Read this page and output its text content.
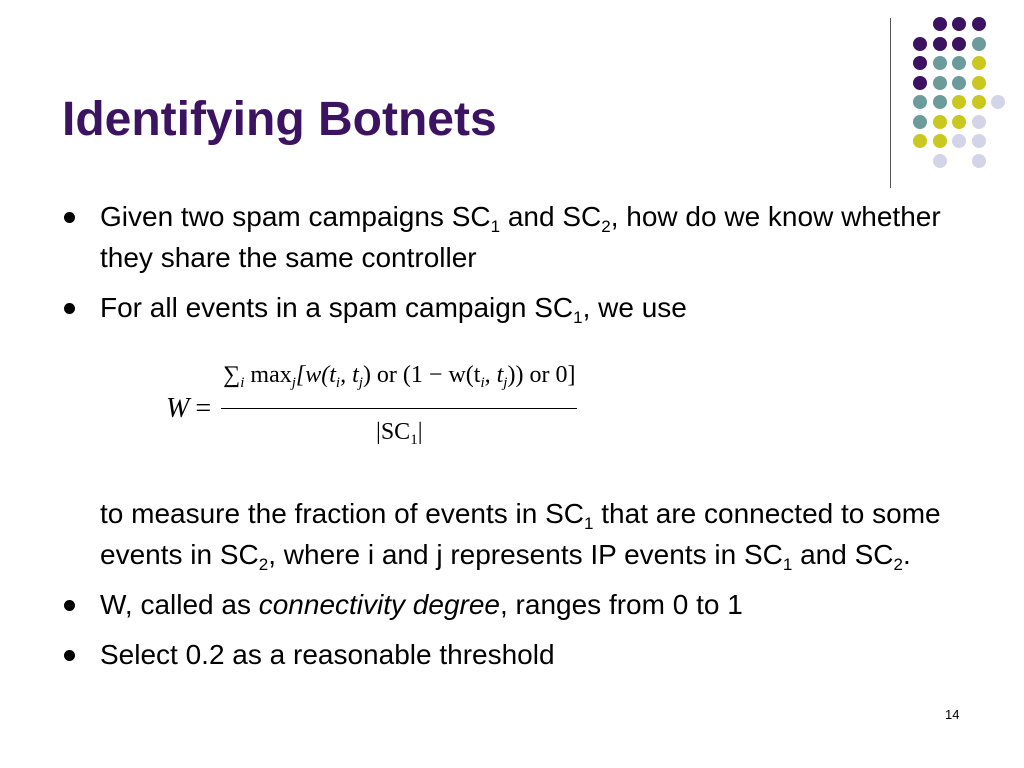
Identifying Botnets
Given two spam campaigns $SC_1$ and $SC_2$, how do we know whether they share the same controller
For all events in a spam campaign $SC_1$, we use
$W = \frac{\sum_i \max_j[w(t_i, t_j) or (1 - w(t_i, t_j)) or 0]}{|SC_1|}$
to measure the fraction of events in $SC_1$ that are connected to some events in $SC_2$, where i and j represents IP events in $SC_1$ and $SC_2$.
W, called as connectivity degree, ranges from 0 to 1
Select 0.2 as a reasonable threshold
14
